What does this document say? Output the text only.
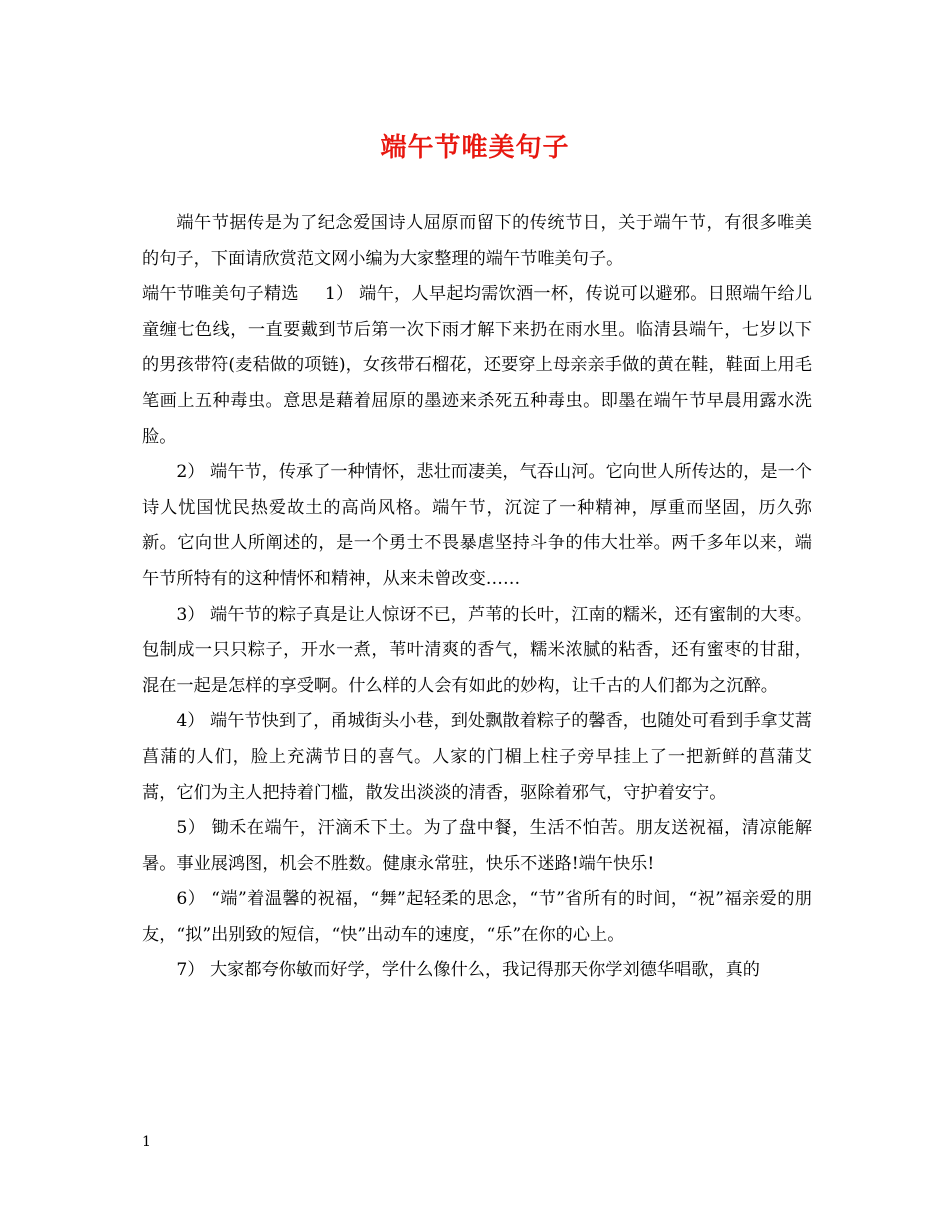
端午节唯美句子

端午节据传是为了纪念爱国诗人屈原而留下的传统节日，关于端午节，有很多唯美的句子，下面请欣赏范文网小编为大家整理的端午节唯美句子。

端午节唯美句子精选 1） 端午，人早起均需饮酒一杯，传说可以避邪。日照端午给儿童缠七色线，一直要戴到节后第一次下雨才解下来扔在雨水里。临清县端午，七岁以下的男孩带符(麦秸做的项链)，女孩带石榴花，还要穿上母亲亲手做的黄在鞋，鞋面上用毛笔画上五种毒虫。意思是藉着屈原的墨迹来杀死五种毒虫。即墨在端午节早晨用露水洗脸。

2） 端午节，传承了一种情怀，悲壮而凄美，气吞山河。它向世人所传达的，是一个诗人忧国忧民热爱故土的高尚风格。端午节，沉淀了一种精神，厚重而坚固，历久弥新。它向世人所阐述的，是一个勇士不畏暴虐坚持斗争的伟大壮举。两千多年以来，端午节所特有的这种情怀和精神，从来未曾改变……

3） 端午节的粽子真是让人惊讶不已，芦苇的长叶，江南的糯米，还有蜜制的大枣。包制成一只只粽子，开水一煮，苇叶清爽的香气，糯米浓腻的粘香，还有蜜枣的甘甜，混在一起是怎样的享受啊。什么样的人会有如此的妙构，让千古的人们都为之沉醉。

4） 端午节快到了，甬城街头小巷，到处飘散着粽子的馨香，也随处可看到手拿艾蒿菖蒲的人们，脸上充满节日的喜气。人家的门楣上柱子旁早挂上了一把新鲜的菖蒲艾蒿，它们为主人把持着门槛，散发出淡淡的清香，驱除着邪气，守护着安宁。

5） 锄禾在端午，汗滴禾下土。为了盘中餐，生活不怕苦。朋友送祝福，清凉能解暑。事业展鸿图，机会不胜数。健康永常驻，快乐不迷路!端午快乐!

6） “端”着温馨的祝福，“舞”起轻柔的思念，“节”省所有的时间，“祝”福亲爱的朋友，“拟”出别致的短信，“快”出动车的速度，“乐”在你的心上。

7） 大家都夸你敏而好学，学什么像什么，我记得那天你学刘德华唱歌，真的

1
